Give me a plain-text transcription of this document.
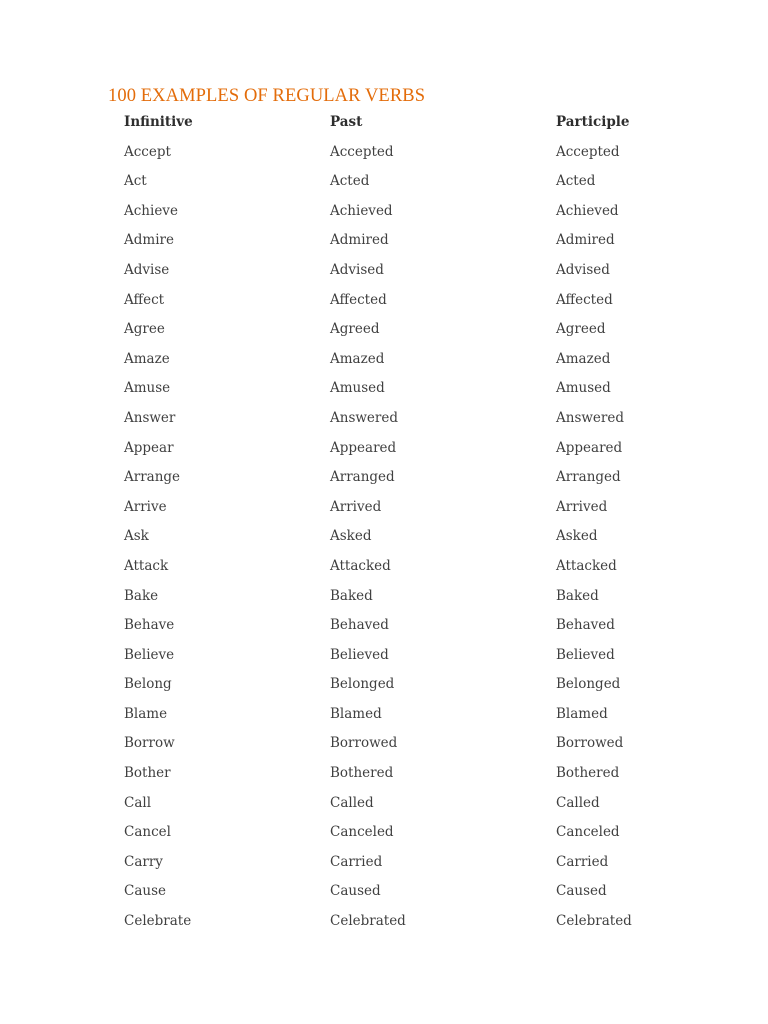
100 EXAMPLES OF REGULAR VERBS
Infinitive	Past	Participle
Accept	Accepted	Accepted
Act	Acted	Acted
Achieve	Achieved	Achieved
Admire	Admired	Admired
Advise	Advised	Advised
Affect	Affected	Affected
Agree	Agreed	Agreed
Amaze	Amazed	Amazed
Amuse	Amused	Amused
Answer	Answered	Answered
Appear	Appeared	Appeared
Arrange	Arranged	Arranged
Arrive	Arrived	Arrived
Ask	Asked	Asked
Attack	Attacked	Attacked
Bake	Baked	Baked
Behave	Behaved	Behaved
Believe	Believed	Believed
Belong	Belonged	Belonged
Blame	Blamed	Blamed
Borrow	Borrowed	Borrowed
Bother	Bothered	Bothered
Call	Called	Called
Cancel	Canceled	Canceled
Carry	Carried	Carried
Cause	Caused	Caused
Celebrate	Celebrated	Celebrated
